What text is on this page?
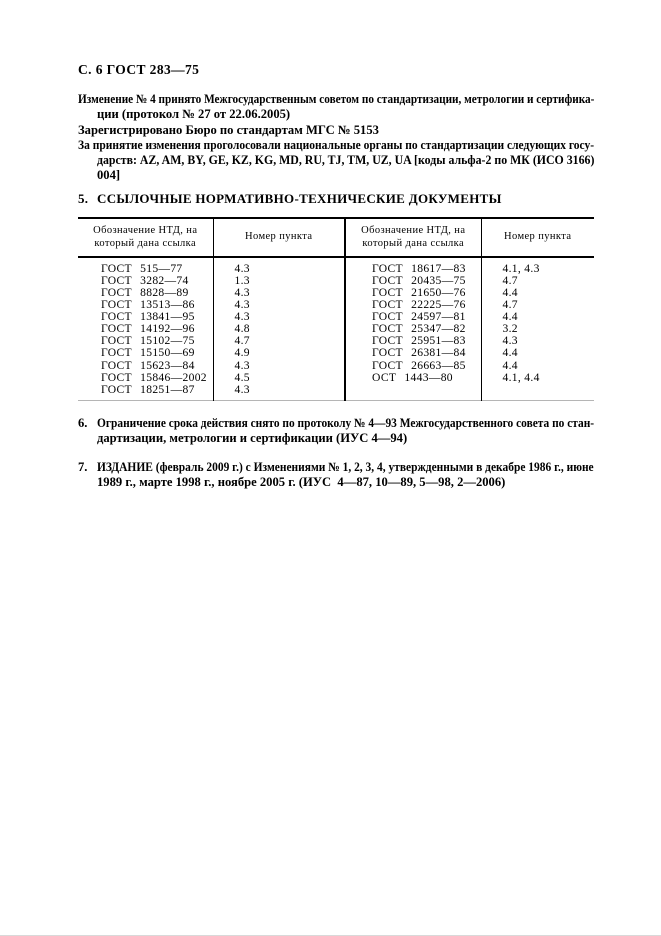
С. 6 ГОСТ 283—75
Изменение № 4 принято Межгосударственным советом по стандартизации, метрологии и сертифика-
ции (протокол № 27 от 22.06.2005)
Зарегистрировано Бюро по стандартам МГС № 5153
За принятие изменения проголосовали национальные органы по стандартизации следующих госу-
дарств: AZ, AM, BY, GE, KZ, KG, MD, RU, TJ, TM, UZ, UA [коды альфа-2 по МК (ИСО 3166)
004]
5. ССЫЛОЧНЫЕ НОРМАТИВНО-ТЕХНИЧЕСКИЕ ДОКУМЕНТЫ
Обозначение НТД, на который дана ссылка	Номер пункта	Обозначение НТД, на который дана ссылка	Номер пункта
ГОСТ 515—77	4.3	ГОСТ 18617—83	4.1, 4.3
ГОСТ 3282—74	1.3	ГОСТ 20435—75	4.7
ГОСТ 8828—89	4.3	ГОСТ 21650—76	4.4
ГОСТ 13513—86	4.3	ГОСТ 22225—76	4.7
ГОСТ 13841—95	4.3	ГОСТ 24597—81	4.4
ГОСТ 14192—96	4.8	ГОСТ 25347—82	3.2
ГОСТ 15102—75	4.7	ГОСТ 25951—83	4.3
ГОСТ 15150—69	4.9	ГОСТ 26381—84	4.4
ГОСТ 15623—84	4.3	ГОСТ 26663—85	4.4
ГОСТ 15846—2002	4.5	ОСТ 1443—80	4.1, 4.4
ГОСТ 18251—87	4.3		
6. Ограничение срока действия снято по протоколу № 4—93 Межгосударственного совета по стан-
дартизации, метрологии и сертификации (ИУС 4—94)
7. ИЗДАНИЕ (февраль 2009 г.) с Изменениями № 1, 2, 3, 4, утвержденными в декабре 1986 г., июне
1989 г., марте 1998 г., ноябре 2005 г. (ИУС  4—87, 10—89, 5—98, 2—2006)
